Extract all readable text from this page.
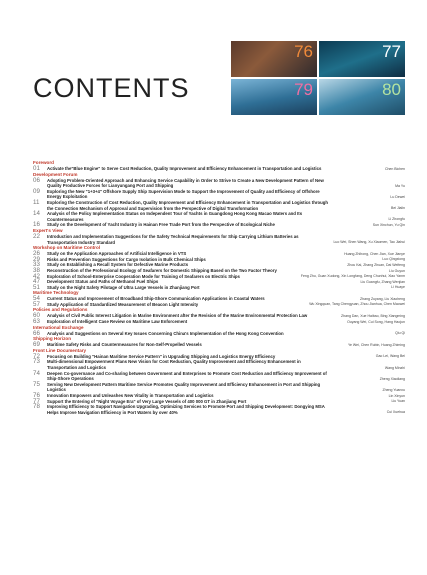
76	77
79	80
CONTENTS
Foreword
01	Activate the"Blue Engine" to Serve Cost Reduction, Quality Improvement and Efficiency Enhancement in Transportation and Logistics	Chen Bichen
Development Forum
06	Adopting Problem-Oriented Approach and Enhancing Service Capability in Order to Strive to Create a New Development Pattern of New Quality Productive Forces for Lianyungang Port and Shipping	Ma Yu
09	Exploring the New "1+3+4" Offshore Supply Ship Supervision Mode to Support the Improvement of Quality and Efficiency of Offshore Energy Exploitation	Lu Dewei
11	Exploring the Construction of Cost Reduction, Quality Improvement and Efficiency Enhancement in Transportation and Logistics through the Connection Mechanism of Approval and Supervision from the Perspective of Digital Transformation	Bei Jialin
14	Analysis of the Policy Implementation Status on Independent Tour of Yachts in Guangdong Hong Kong Macao Waters and Its Countermeasures	Li Zhongfu
16	Study on the Development of Yacht Industry in Hainan Free Trade Port from the Perspective of Ecological Niche	Sun Xinchun, Yu Qin
Expert's View
22	Introduction and Implementation Suggestions for the Safety Technical Requirements for Ship Carrying Lithium Batteries as Transportation Industry Standard	Luo Wei, Shen Wang, Xu Xiaomen, Tao Jiahui
Workshop on Maritime Control
26	Study on the Application Approaches of Artificial Intelligence in VTS	Huang Zhihong, Chen Jian, Xue Jianye
29	Risks and Prevention Suggestions for Cargo Isolation in Bulk Chemical Ships	Luo Qingxiong
33	Study on Establishing a Recall System for Defective Marine Products	Zhou Kai, Zhang Zhuan, Dai Weifeng
38	Reconstruction of the Professional Ecology of Seafarers for Domestic Shipping Based on the Two Factor Theory	Liu Guyun
42	Exploration of School-Enterprise Cooperation Mode for Training of Seafarers on Electric Ships	Feng Zhu, Guan Xudong, Xin Longfang, Deng Chunhui, Xiao Yanm
47	Development Status and Paths of Methanol Fuel Ships	Liu Guangfu, Zhang Wenjian
51	Study on the Night Safety Pilotage of Ultra Large Vessels in Zhanjiang Port	Li Huaye
Maritime Technology
54	Current Status and Improvement of Broadband Ship-Shore Communication Applications in Coastal Waters	Zhang Zuyang, Liu Xiaoheng
57	Study Application of Standardized Measurement of Beacon Light Intensity	Wu Xingquan, Tang Chengyuan, Zhou Jianhua, Chen Maowei
Policies and Regulations
60	Analysis of Civil Public Interest Litigation in Marine Environment after the Revision of the Marine Environmental Protection Law	Zhang Dan, Xue Haibao, Bing Xiangming
63	Exploration of Intelligent Case Review on Maritime Law Enforcement	Ouyang Wei, Cui Song, Hang Haojun
International Exchange
66	Analysis and Suggestions on Several Key Issues Concerning China's Implementation of the Hong Kong Convention	Qiu Qi
Shipping Horizon
69	Maritime Safety Risks and Countermeasures for Non-Self-Propelled Vessels	Ye Wei, Chen Rubin, Huang Zhiming
Front Line Documentary
72	Focusing on Building "Hainan Maritime Service Pattern" in Upgrading Shipping and Logistics Energy Efficiency	Gao Lei, Wang Bei
73	Multi-dimensional Empowerment Plans New Vision for Cost Reduction, Quality Improvement and Efficiency Enhancement in Transportation and Logistics	Wang Minzhi
74	Deepen Co-governance and Co-sharing between Government and Enterprises to Promote Cost Reduction and Efficiency Improvement of Ship-Shore Operations	Zheng Xiaoliang
75	Serving New Development Pattern Maritime Service Promotes Quality Improvement and Efficiency Enhancement in Port and Shipping Logistics	Zheng Yuanxu
76	Innovation Empowers and Unleashes New Vitality in Transportation and Logistics	Lin Xinyun
77	Support the Entering of "Night Voyage Era" of Very Large Vessels of 400 000 GT in Zhanjiang Port	Liu Yuan
78	Improving Efficiency to Support Navigation Upgrading, Optimizing Services to Promote Port and Shipping Development: Dongying MSA Helps Improve Navigation Efficiency in Port Waters by over 40%	Cui Xuehua
